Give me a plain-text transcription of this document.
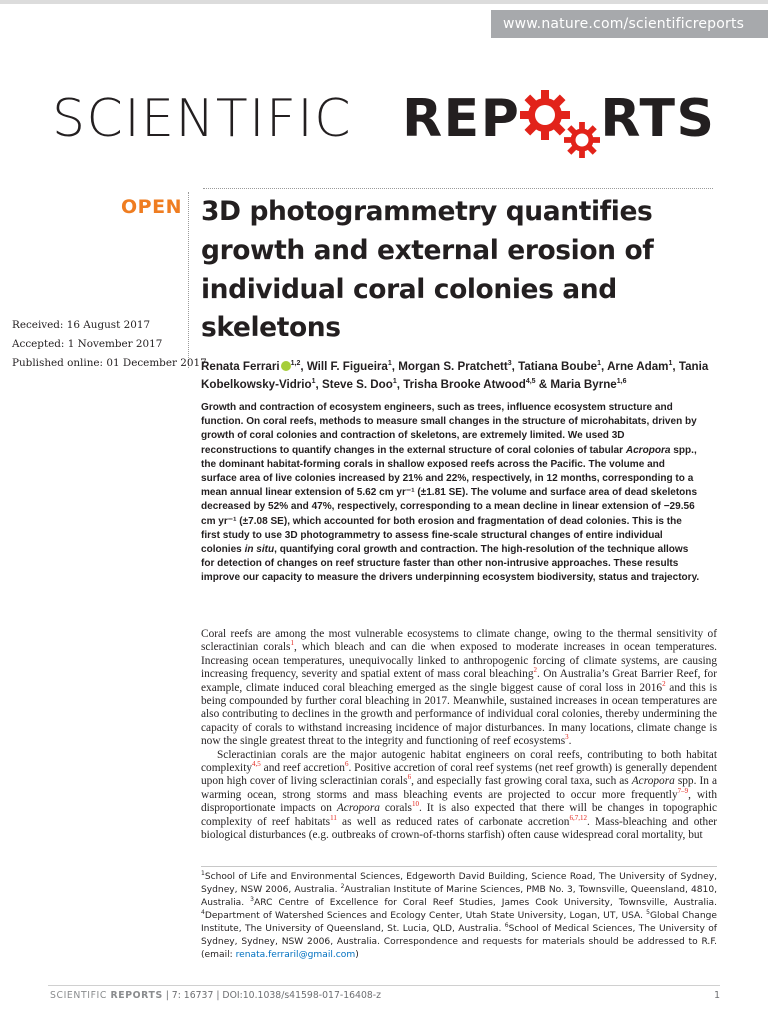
www.nature.com/scientificreports
SCIENTIFIC REP RTS
OPEN 3D photogrammetry quantifies growth and external erosion of individual coral colonies and skeletons
Received: 16 August 2017
Accepted: 1 November 2017
Published online: 01 December 2017
Renata Ferrari $^{1,2}$, Will F. Figueira$^1$, Morgan S. Pratchett$^3$, Tatiana Boube$^1$, Arne Adam$^1$, Tania Kobelkowsky-Vidrio$^1$, Steve S. Doo$^1$, Trisha Brooke Atwood$^{4,5}$ & Maria Byrne$^{1,6}$
Growth and contraction of ecosystem engineers, such as trees, influence ecosystem structure and function. On coral reefs, methods to measure small changes in the structure of microhabitats, driven by growth of coral colonies and contraction of skeletons, are extremely limited. We used 3D reconstructions to quantify changes in the external structure of coral colonies of tabular Acropora spp., the dominant habitat-forming corals in shallow exposed reefs across the Pacific. The volume and surface area of live colonies increased by 21% and 22%, respectively, in 12 months, corresponding to a mean annual linear extension of 5.62 cm yr⁻¹ (±1.81 SE). The volume and surface area of dead skeletons decreased by 52% and 47%, respectively, corresponding to a mean decline in linear extension of −29.56 cm yr⁻¹ (±7.08 SE), which accounted for both erosion and fragmentation of dead colonies. This is the first study to use 3D photogrammetry to assess fine-scale structural changes of entire individual colonies in situ, quantifying coral growth and contraction. The high-resolution of the technique allows for detection of changes on reef structure faster than other non-intrusive approaches. These results improve our capacity to measure the drivers underpinning ecosystem biodiversity, status and trajectory.

Coral reefs are among the most vulnerable ecosystems to climate change, owing to the thermal sensitivity of scleractinian corals$^1$, which bleach and can die when exposed to moderate increases in ocean temperatures. Increasing ocean temperatures, unequivocally linked to anthropogenic forcing of climate systems, are causing increasing frequency, severity and spatial extent of mass coral bleaching$^2$. On Australia’s Great Barrier Reef, for example, climate induced coral bleaching emerged as the single biggest cause of coral loss in 2016$^2$ and this is being compounded by further coral bleaching in 2017. Meanwhile, sustained increases in ocean temperatures are also contributing to declines in the growth and performance of individual coral colonies, thereby undermining the capacity of corals to withstand increasing incidence of major disturbances. In many locations, climate change is now the single greatest threat to the integrity and functioning of reef ecosystems$^3$.

Scleractinian corals are the major autogenic habitat engineers on coral reefs, contributing to both habitat complexity$^{4,5}$ and reef accretion$^6$. Positive accretion of coral reef systems (net reef growth) is generally dependent upon high cover of living scleractinian corals$^6$, and especially fast growing coral taxa, such as Acropora spp. In a warming ocean, strong storms and mass bleaching events are projected to occur more frequently$^{7-9}$, with disproportionate impacts on Acropora corals$^{10}$. It is also expected that there will be changes in topographic complexity of reef habitats$^{11}$ as well as reduced rates of carbonate accretion$^{6,7,12}$. Mass-bleaching and other biological disturbances (e.g. outbreaks of crown-of-thorns starfish) often cause widespread coral mortality, but

$^1$School of Life and Environmental Sciences, Edgeworth David Building, Science Road, The University of Sydney, Sydney, NSW 2006, Australia. $^2$Australian Institute of Marine Sciences, PMB No. 3, Townsville, Queensland, 4810, Australia. $^3$ARC Centre of Excellence for Coral Reef Studies, James Cook University, Townsville, Australia. $^4$Department of Watershed Sciences and Ecology Center, Utah State University, Logan, UT, USA. $^5$Global Change Institute, The University of Queensland, St. Lucia, QLD, Australia. $^6$School of Medical Sciences, The University of Sydney, Sydney, NSW 2006, Australia. Correspondence and requests for materials should be addressed to R.F. (email: renata.ferraril@gmail.com)
SCIENTIFIC REPORTS | 7: 16737 | DOI:10.1038/s41598-017-16408-z	1
